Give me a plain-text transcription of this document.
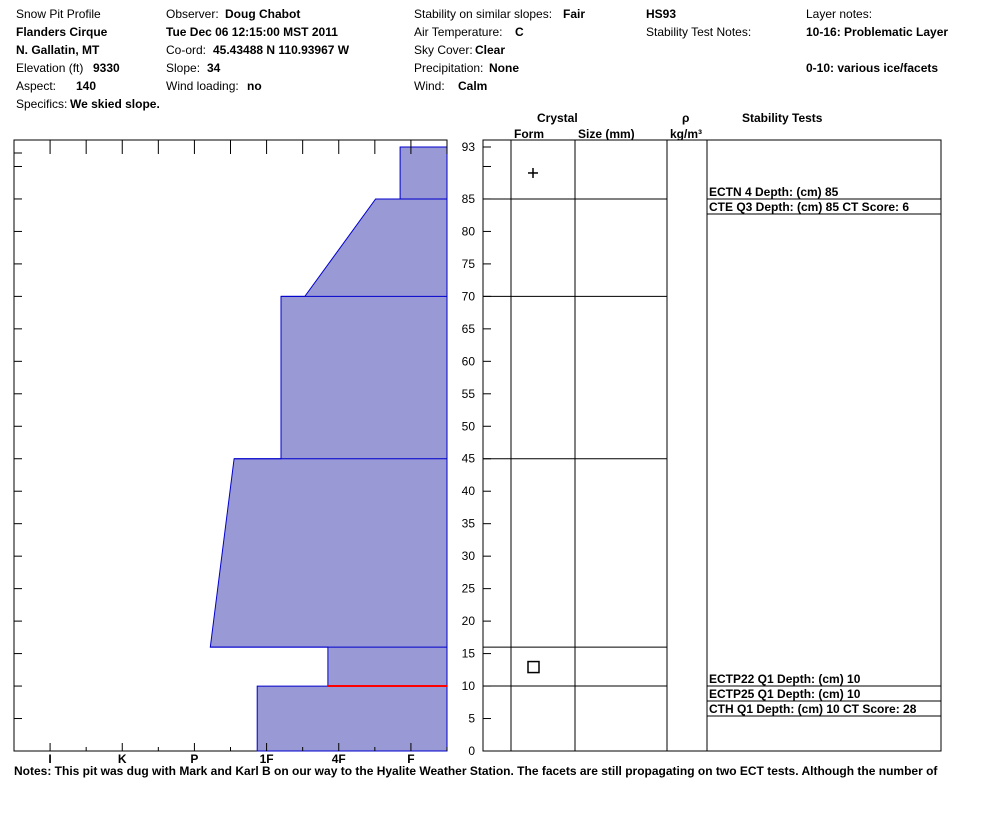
Snow Pit Profile
Flanders Cirque
N. Gallatin, MT
Elevation (ft) 9330
Aspect: 140
Specifics: We skied slope.
Observer: Doug Chabot
Tue Dec 06 12:15:00 MST 2011
Co-ord: 45.43488 N 110.93967 W
Slope: 34
Wind loading: no
Stability on similar slopes: Fair
Air Temperature: C
Sky Cover: Clear
Precipitation: None
Wind: Calm
HS93
Stability Test Notes:
Layer notes:
10-16: Problematic Layer
0-10: various ice/facets
Crystal
Form	Size (mm)
ρ
kg/m³
Stability Tests
0
5
10
15
20
25
30
35
40
45
50
55
60
65
70
75
80
85
93
I	K	P	1F	4F	F
ECTP22 Q1 Depth: (cm) 10
ECTP25 Q1 Depth: (cm) 10
CTH Q1 Depth: (cm) 10 CT Score: 28
ECTN 4 Depth: (cm) 85
CTE Q3 Depth: (cm) 85 CT Score: 6
Notes: This pit was dug with Mark and Karl B on our way to the Hyalite Weather Station. The facets are still propagating on two ECT tests. Although the number of
